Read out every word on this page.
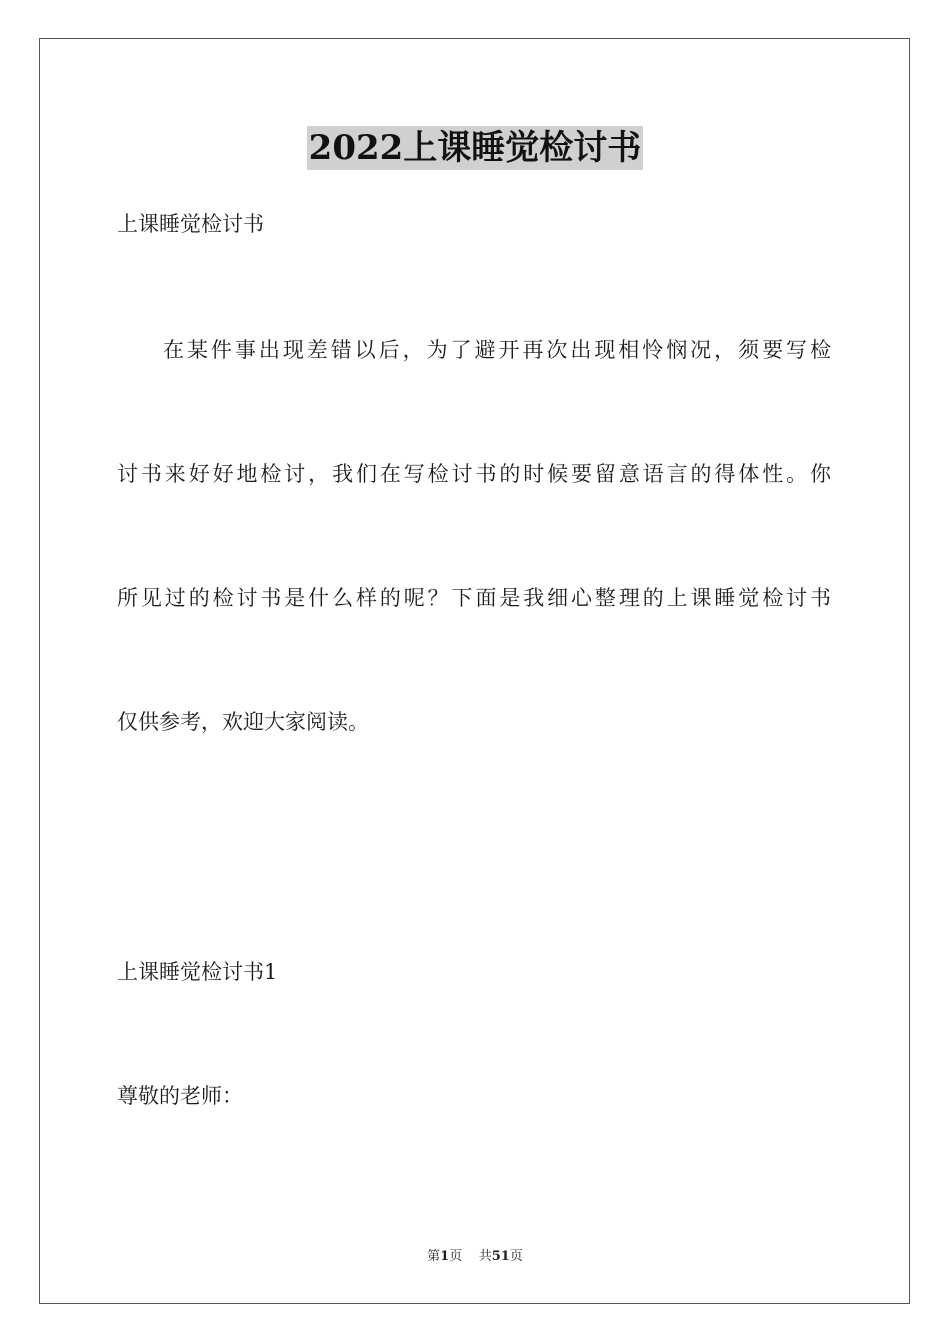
2022上课睡觉检讨书
上课睡觉检讨书
在某件事出现差错以后，为了避开再次出现相怜悯况，须要写检
讨书来好好地检讨，我们在写检讨书的时候要留意语言的得体性。你
所见过的检讨书是什么样的呢？下面是我细心整理的上课睡觉检讨书
仅供参考，欢迎大家阅读。
上课睡觉检讨书1
尊敬的老师：
第1页 共51页
